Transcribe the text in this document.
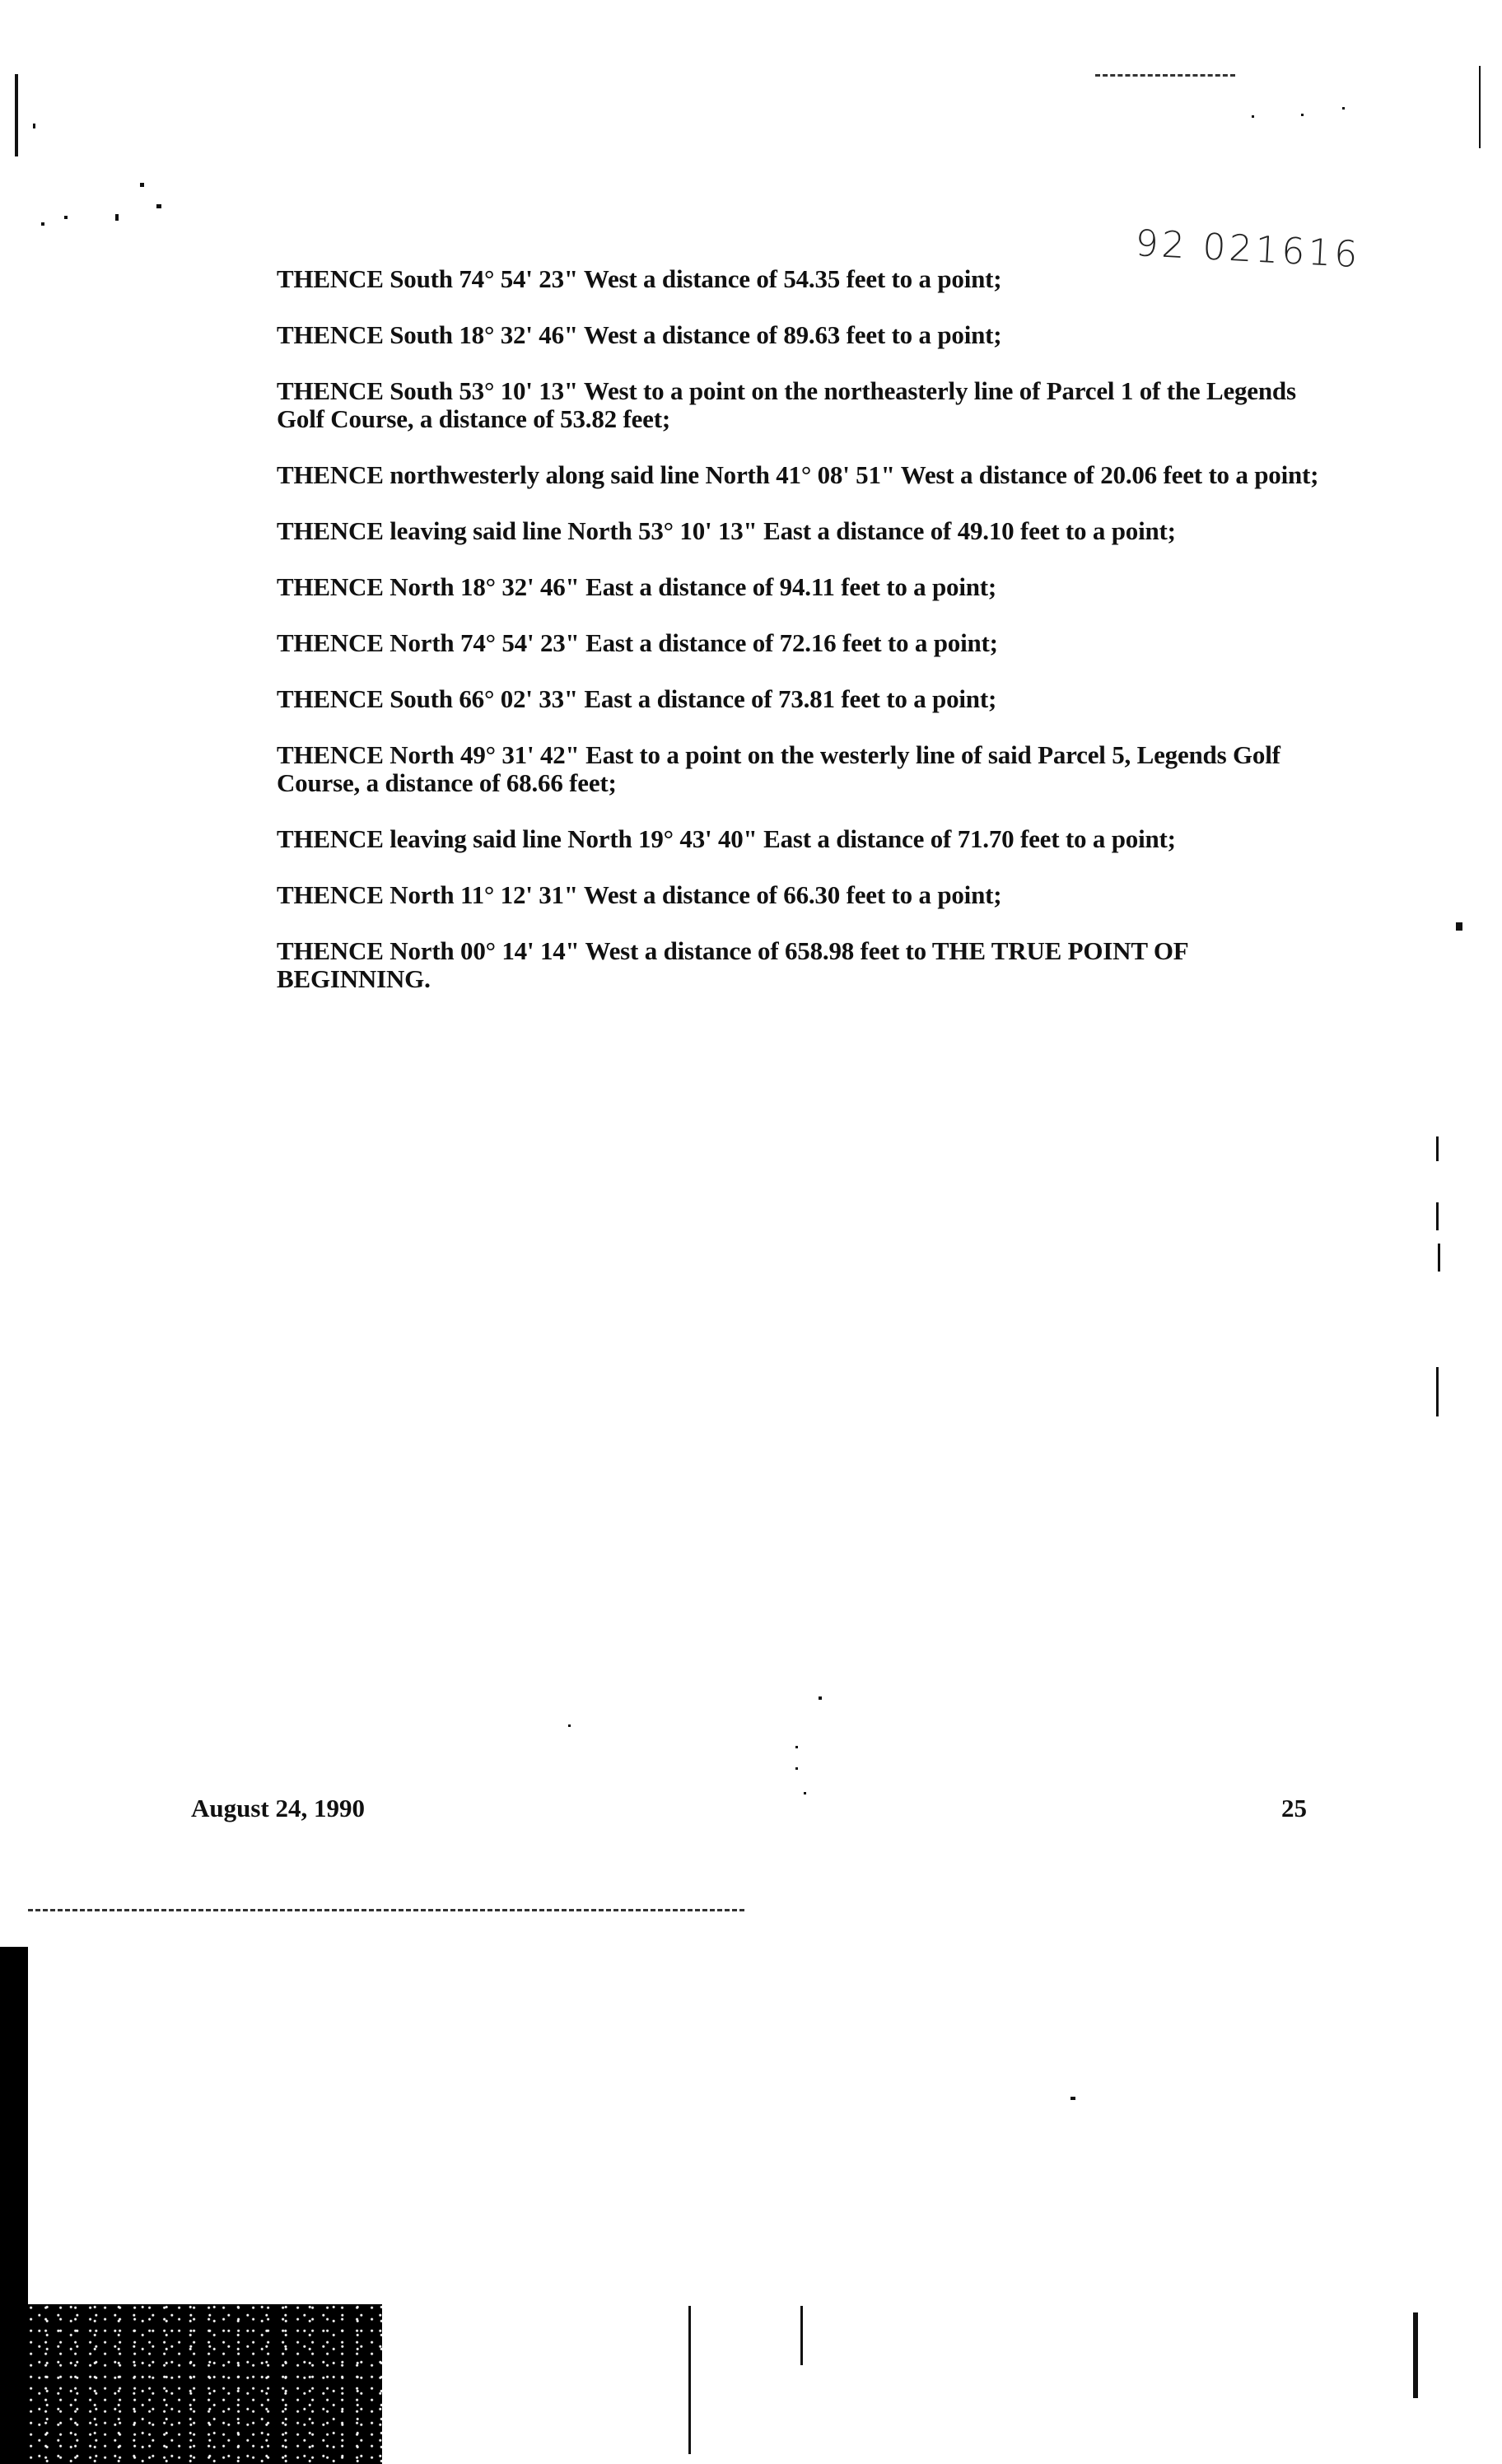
92 021616

THENCE South 74° 54' 23" West a distance of 54.35 feet to a point;

THENCE South 18° 32' 46" West a distance of 89.63 feet to a point;

THENCE South 53° 10' 13" West to a point on the northeasterly line of Parcel 1 of the Legends Golf Course, a distance of 53.82 feet;

THENCE northwesterly along said line North 41° 08' 51" West a distance of 20.06 feet to a point;

THENCE leaving said line North 53° 10' 13" East a distance of 49.10 feet to a point;

THENCE North 18° 32' 46" East a distance of 94.11 feet to a point;

THENCE North 74° 54' 23" East a distance of 72.16 feet to a point;

THENCE South 66° 02' 33" East a distance of 73.81 feet to a point;

THENCE North 49° 31' 42" East to a point on the westerly line of said Parcel 5, Legends Golf Course, a distance of 68.66 feet;

THENCE leaving said line North 19° 43' 40" East a distance of 71.70 feet to a point;

THENCE North 11° 12' 31" West a distance of 66.30 feet to a point;

THENCE North 00° 14' 14" West a distance of 658.98 feet to THE TRUE POINT OF BEGINNING.

August 24, 1990	25
